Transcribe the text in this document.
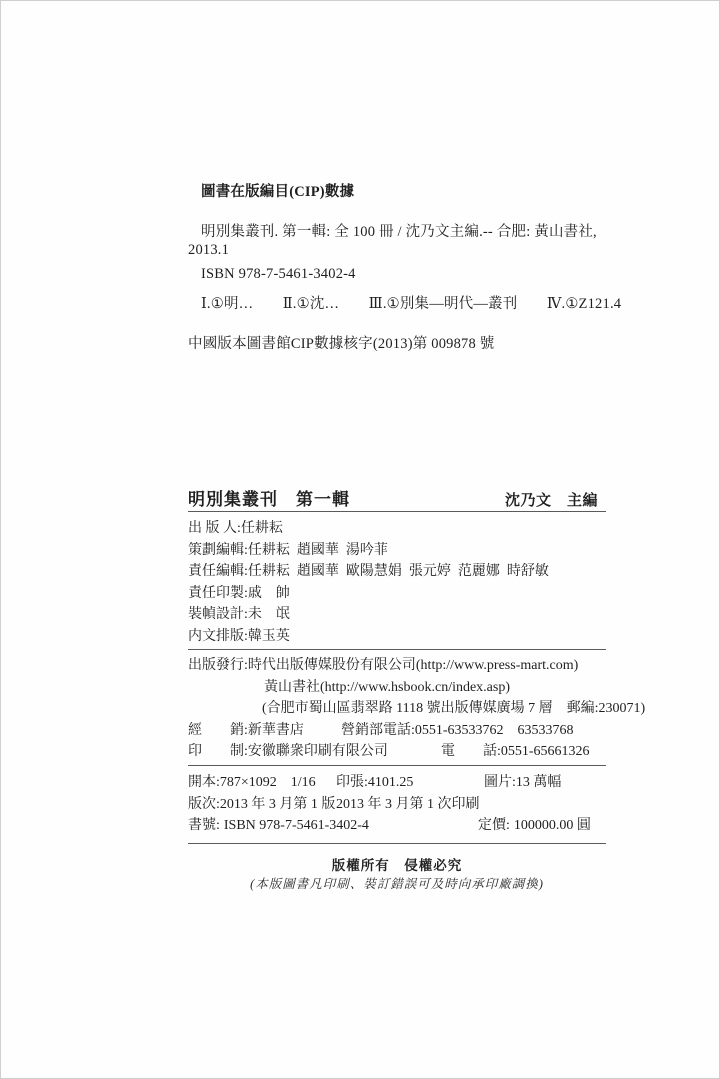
圖書在版編目(CIP)數據
明別集叢刊. 第一輯: 全 100 冊 / 沈乃文主編.-- 合肥: 黃山書社,
2013.1
ISBN 978-7-5461-3402-4
Ⅰ.①明…　　Ⅱ.①沈…　　Ⅲ.①別集—明代—叢刊　　Ⅳ.①Z121.4
中國版本圖書館CIP數據核字(2013)第 009878 號
明別集叢刊　第一輯	沈乃文　主編
出 版 人:任耕耘
策劃編輯:任耕耘 趙國華 湯吟菲
責任編輯:任耕耘 趙國華 歐陽慧娟 張元婷 范麗娜 時舒敏
責任印製:戚 帥
裝幀設計:未 氓
内文排版:韓玉英
出版發行:時代出版傳媒股份有限公司(http://www.press-mart.com)
黃山書社(http://www.hsbook.cn/index.asp)
(合肥市蜀山區翡翠路 1118 號出版傳媒廣場 7 層　郵編:230071)
經　　銷:新華書店	營銷部電話:0551-63533762 63533768
印　　制:安徽聯衆印刷有限公司	電　　話:0551-65661326
開本:787×1092　1/16 印張:4101.25	圖片:13 萬幅
版次:2013 年 3 月第 1 版 2013 年 3 月第 1 次印刷
書號: ISBN 978-7-5461-3402-4	定價: 100000.00 圓
版權所有　侵權必究
(本版圖書凡印刷、裝訂錯誤可及時向承印廠調換)
